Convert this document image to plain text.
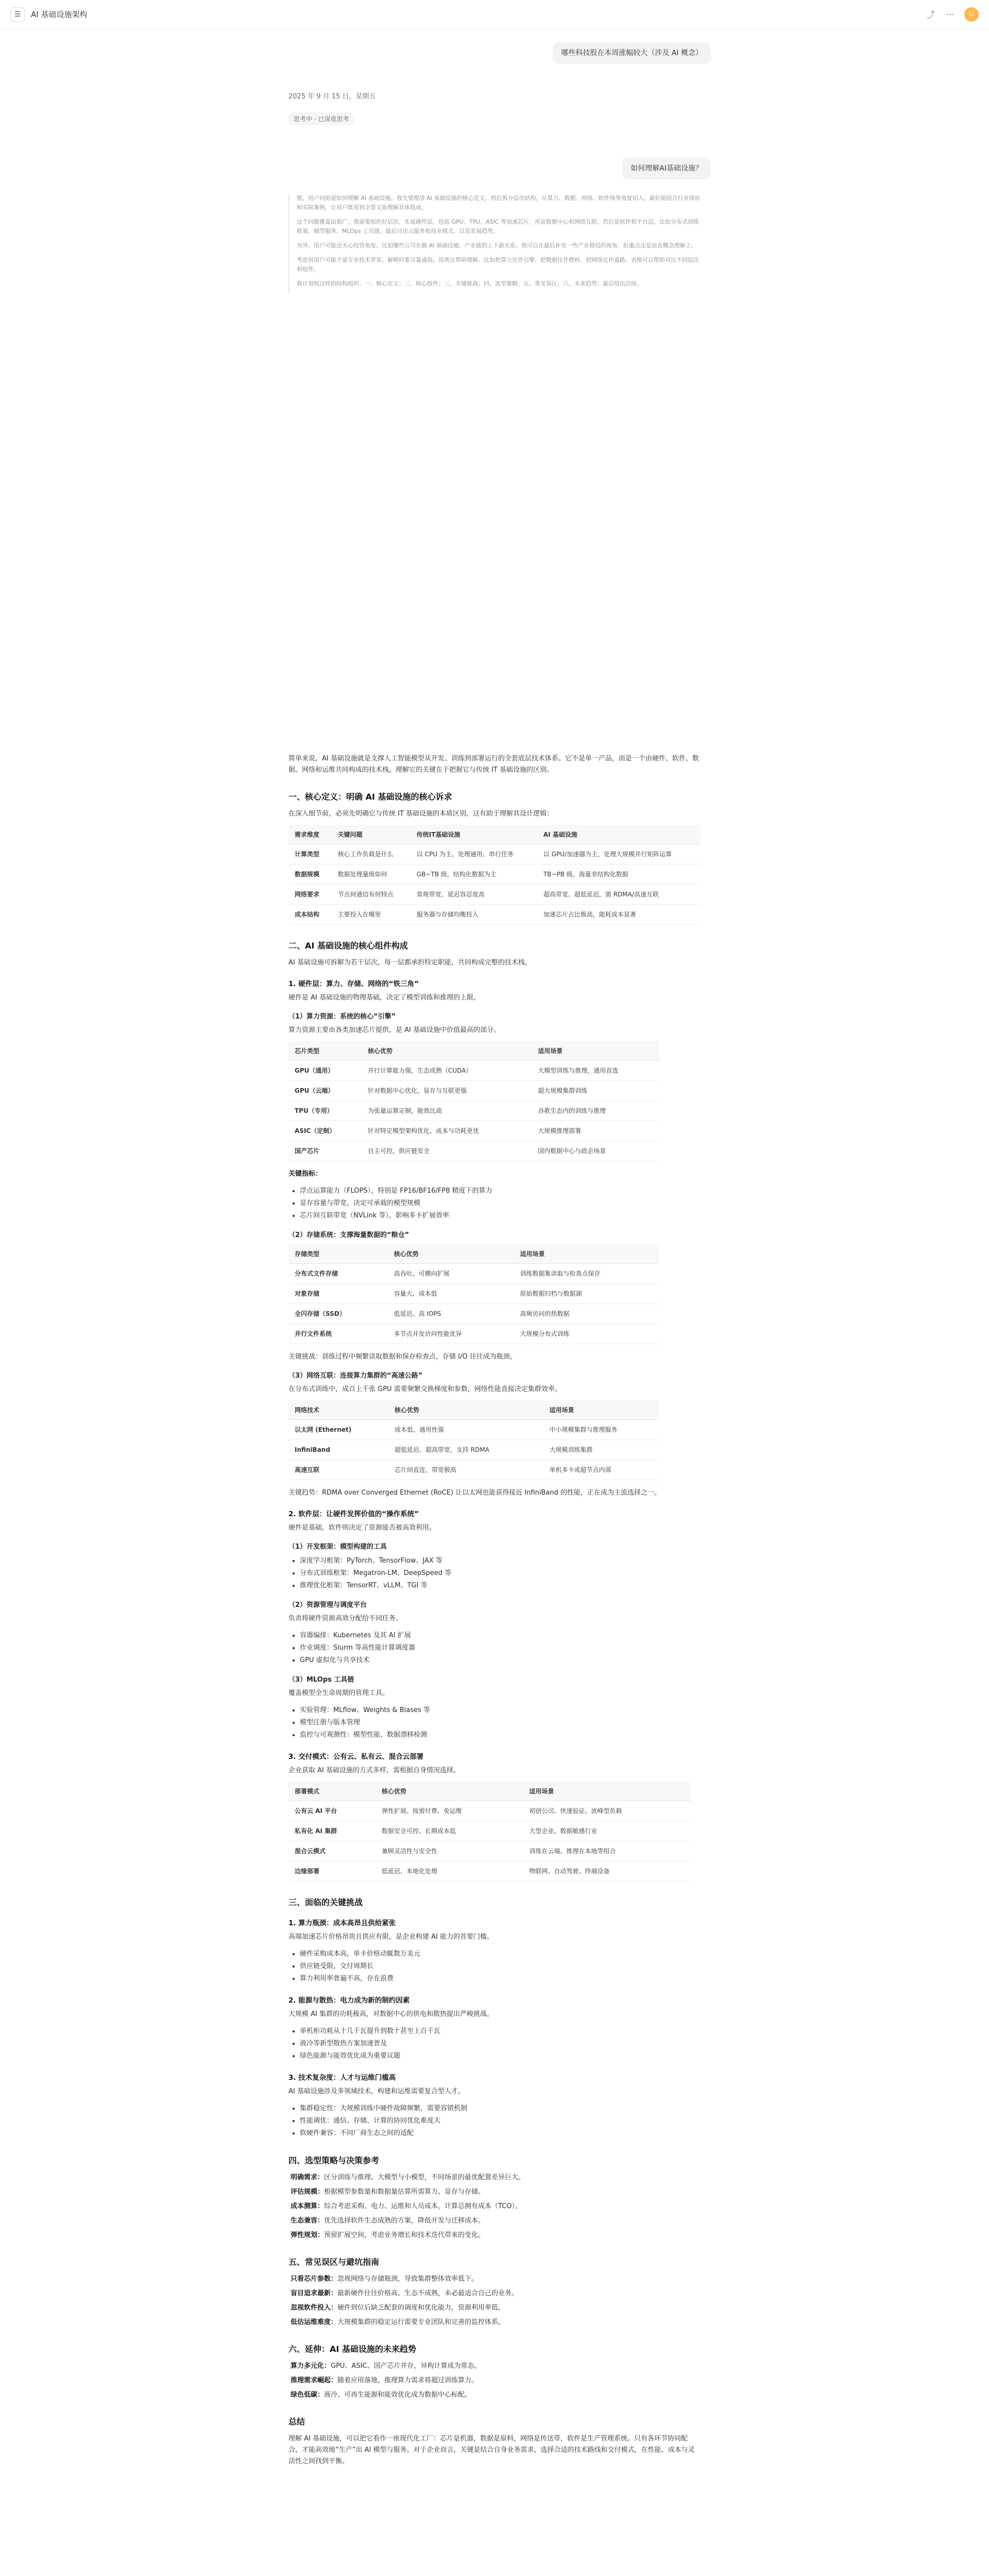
☰	AI 基础设施架构	⤴ ⋯	U
哪些科技股在本周涨幅较大（涉及 AI 概念）
2025 年 9 月 15 日，星期五
思考中 · 已深度思考
如何理解AI基础设施？

嗯，用户问的是如何理解 AI 基础设施。我先要理清 AI 基础设施的核心定义，然后拆分层次结构，从算力、数据、网络、软件栈等角度切入。最好能结合行业现状和实际案例，让用户既看到全景又能理解具体组成。

这个问题覆盖面很广，我需要组织好层次，先说硬件层，包括 GPU、TPU、ASIC 等加速芯片，再说数据中心和网络互联，然后是软件和平台层，比如分布式训练框架、模型服务、MLOps 工具链。最后讨论云服务和商业模式，以及发展趋势。

另外，用户可能还关心投资角度，比如哪些公司在做 AI 基础设施，产业链的上下游关系。我可以在最后补充一些产业格局的视角，但重点还是放在概念理解上。

考虑到用户可能不是专业技术背景，解释时要尽量通俗，用类比帮助理解，比如把算力比作引擎、把数据比作燃料、把网络比作道路。表格可以帮助对比不同层次和组件。

我计划按这样的结构组织：一、核心定义；二、核心组件；三、关键挑战；四、选型策略；五、常见误区；六、未来趋势；最后给出总结。

简单来说，AI 基础设施就是支撑人工智能模型从开发、训练到部署运行的全套底层技术体系。它不是单一产品，而是一个由硬件、软件、数据、网络和运维共同构成的技术栈。理解它的关键在于把握它与传统 IT 基础设施的区别。

一、核心定义：明确 AI 基础设施的核心诉求

在深入细节前，必须先明确它与传统 IT 基础设施的本质区别，这有助于理解其设计逻辑：

需求维度	关键问题	传统IT基础设施	AI 基础设施
计算类型	核心工作负载是什么	以 CPU 为主，处理通用、串行任务	以 GPU/加速器为主，处理大规模并行矩阵运算
数据规模	数据处理量级如何	GB~TB 级，结构化数据为主	TB~PB 级，海量非结构化数据
网络要求	节点间通信有何特点	常规带宽，延迟容忍度高	超高带宽、超低延迟，需 RDMA/高速互联
成本结构	主要投入在哪里	服务器与存储均衡投入	加速芯片占比极高，能耗成本显著
二、AI 基础设施的核心组件构成

AI 基础设施可拆解为若干层次，每一层都承担特定职能，共同构成完整的技术栈。

1. 硬件层：算力、存储、网络的“铁三角”

硬件是 AI 基础设施的物理基础，决定了模型训练和推理的上限。

（1）算力资源：系统的核心“引擎”

算力资源主要由各类加速芯片提供，是 AI 基础设施中价值最高的部分。

芯片类型	核心优势	适用场景
GPU（通用）	并行计算能力强，生态成熟（CUDA）	大模型训练与推理，通用首选
GPU（云端）	针对数据中心优化，显存与互联更强	超大规模集群训练
TPU（专用）	为张量运算定制，能效比高	谷歌生态内的训练与推理
ASIC（定制）	针对特定模型架构优化，成本与功耗更优	大规模推理部署
国产芯片	自主可控，供应链安全	国内数据中心与政企场景
关键指标：
• 浮点运算能力（FLOPS），特别是 FP16/BF16/FP8 精度下的算力
• 显存容量与带宽，决定可承载的模型规模
• 芯片间互联带宽（NVLink 等），影响多卡扩展效率
（2）存储系统：支撑海量数据的“粮仓”
存储类型	核心优势	适用场景
分布式文件存储	高吞吐、可横向扩展	训练数据集读取与检查点保存
对象存储	容量大、成本低	原始数据归档与数据湖
全闪存储（SSD）	低延迟、高 IOPS	高频访问的热数据
并行文件系统	多节点并发访问性能优异	大规模分布式训练

关键挑战：训练过程中频繁读取数据和保存检查点，存储 I/O 往往成为瓶颈。

（3）网络互联：连接算力集群的“高速公路”

在分布式训练中，成百上千张 GPU 需要频繁交换梯度和参数，网络性能直接决定集群效率。

网络技术	核心优势	适用场景
以太网 (Ethernet)	成本低、通用性强	中小规模集群与推理服务
InfiniBand	超低延迟、超高带宽，支持 RDMA	大规模训练集群
高速互联	芯片间直连，带宽极高	单机多卡或超节点内部

关键趋势：RDMA over Converged Ethernet (RoCE) 让以太网也能获得接近 InfiniBand 的性能，正在成为主流选择之一。

2. 软件层：让硬件发挥价值的“操作系统”

硬件是基础，软件则决定了资源能否被高效利用。

（1）开发框架：模型构建的工具
• 深度学习框架：PyTorch、TensorFlow、JAX 等
• 分布式训练框架：Megatron-LM、DeepSpeed 等
• 推理优化框架：TensorRT、vLLM、TGI 等
（2）资源管理与调度平台

负责将硬件资源高效分配给不同任务。

• 容器编排：Kubernetes 及其 AI 扩展
• 作业调度：Slurm 等高性能计算调度器
• GPU 虚拟化与共享技术
（3）MLOps 工具链

覆盖模型全生命周期的管理工具。

• 实验管理：MLflow、Weights & Biases 等
• 模型注册与版本管理
• 监控与可观测性：模型性能、数据漂移检测
3. 交付模式：公有云、私有云、混合云部署

企业获取 AI 基础设施的方式多样，需根据自身情况选择。

部署模式	核心优势	适用场景
公有云 AI 平台	弹性扩展、按需付费、免运维	初创公司、快速验证、波峰型负载
私有化 AI 集群	数据安全可控、长期成本低	大型企业、数据敏感行业
混合云模式	兼顾灵活性与安全性	训练在云端、推理在本地等组合
边缘部署	低延迟、本地化处理	物联网、自动驾驶、终端设备
三、面临的关键挑战
1. 算力瓶颈：成本高昂且供给紧张

高端加速芯片价格昂贵且供应有限，是企业构建 AI 能力的首要门槛。

• 硬件采购成本高，单卡价格动辄数万美元
• 供应链受限，交付周期长
• 算力利用率普遍不高，存在浪费
2. 能源与散热：电力成为新的制约因素

大规模 AI 集群的功耗极高，对数据中心的供电和散热提出严峻挑战。

• 单机柜功耗从十几千瓦提升到数十甚至上百千瓦
• 液冷等新型散热方案加速普及
• 绿色能源与能效优化成为重要议题
3. 技术复杂度：人才与运维门槛高

AI 基础设施涉及多领域技术，构建和运维需要复合型人才。

• 集群稳定性：大规模训练中硬件故障频繁，需要容错机制
• 性能调优：通信、存储、计算的协同优化难度大
• 软硬件兼容：不同厂商生态之间的适配
四、选型策略与决策参考
明确需求：区分训练与推理、大模型与小模型，不同场景的最优配置差异巨大。
评估规模：根据模型参数量和数据量估算所需算力、显存与存储。
成本测算：综合考虑采购、电力、运维和人员成本，计算总拥有成本（TCO）。
生态兼容：优先选择软件生态成熟的方案，降低开发与迁移成本。
弹性规划：预留扩展空间，考虑业务增长和技术迭代带来的变化。
五、常见误区与避坑指南
只看芯片参数：忽视网络与存储瓶颈，导致集群整体效率低下。
盲目追求最新：最新硬件往往价格高、生态不成熟，未必最适合自己的业务。
忽视软件投入：硬件到位后缺乏配套的调度和优化能力，资源利用率低。
低估运维难度：大规模集群的稳定运行需要专业团队和完善的监控体系。
六、延伸：AI 基础设施的未来趋势
算力多元化：GPU、ASIC、国产芯片并存，异构计算成为常态。
推理需求崛起：随着应用落地，推理算力需求将超过训练算力。
绿色低碳：液冷、可再生能源和能效优化成为数据中心标配。
总结

理解 AI 基础设施，可以把它看作一座现代化工厂：芯片是机器，数据是原料，网络是传送带，软件是生产管理系统。只有各环节协同配合，才能高效地“生产”出 AI 模型与服务。对于企业而言，关键是结合自身业务需求，选择合适的技术路线和交付模式，在性能、成本与灵活性之间找到平衡。
